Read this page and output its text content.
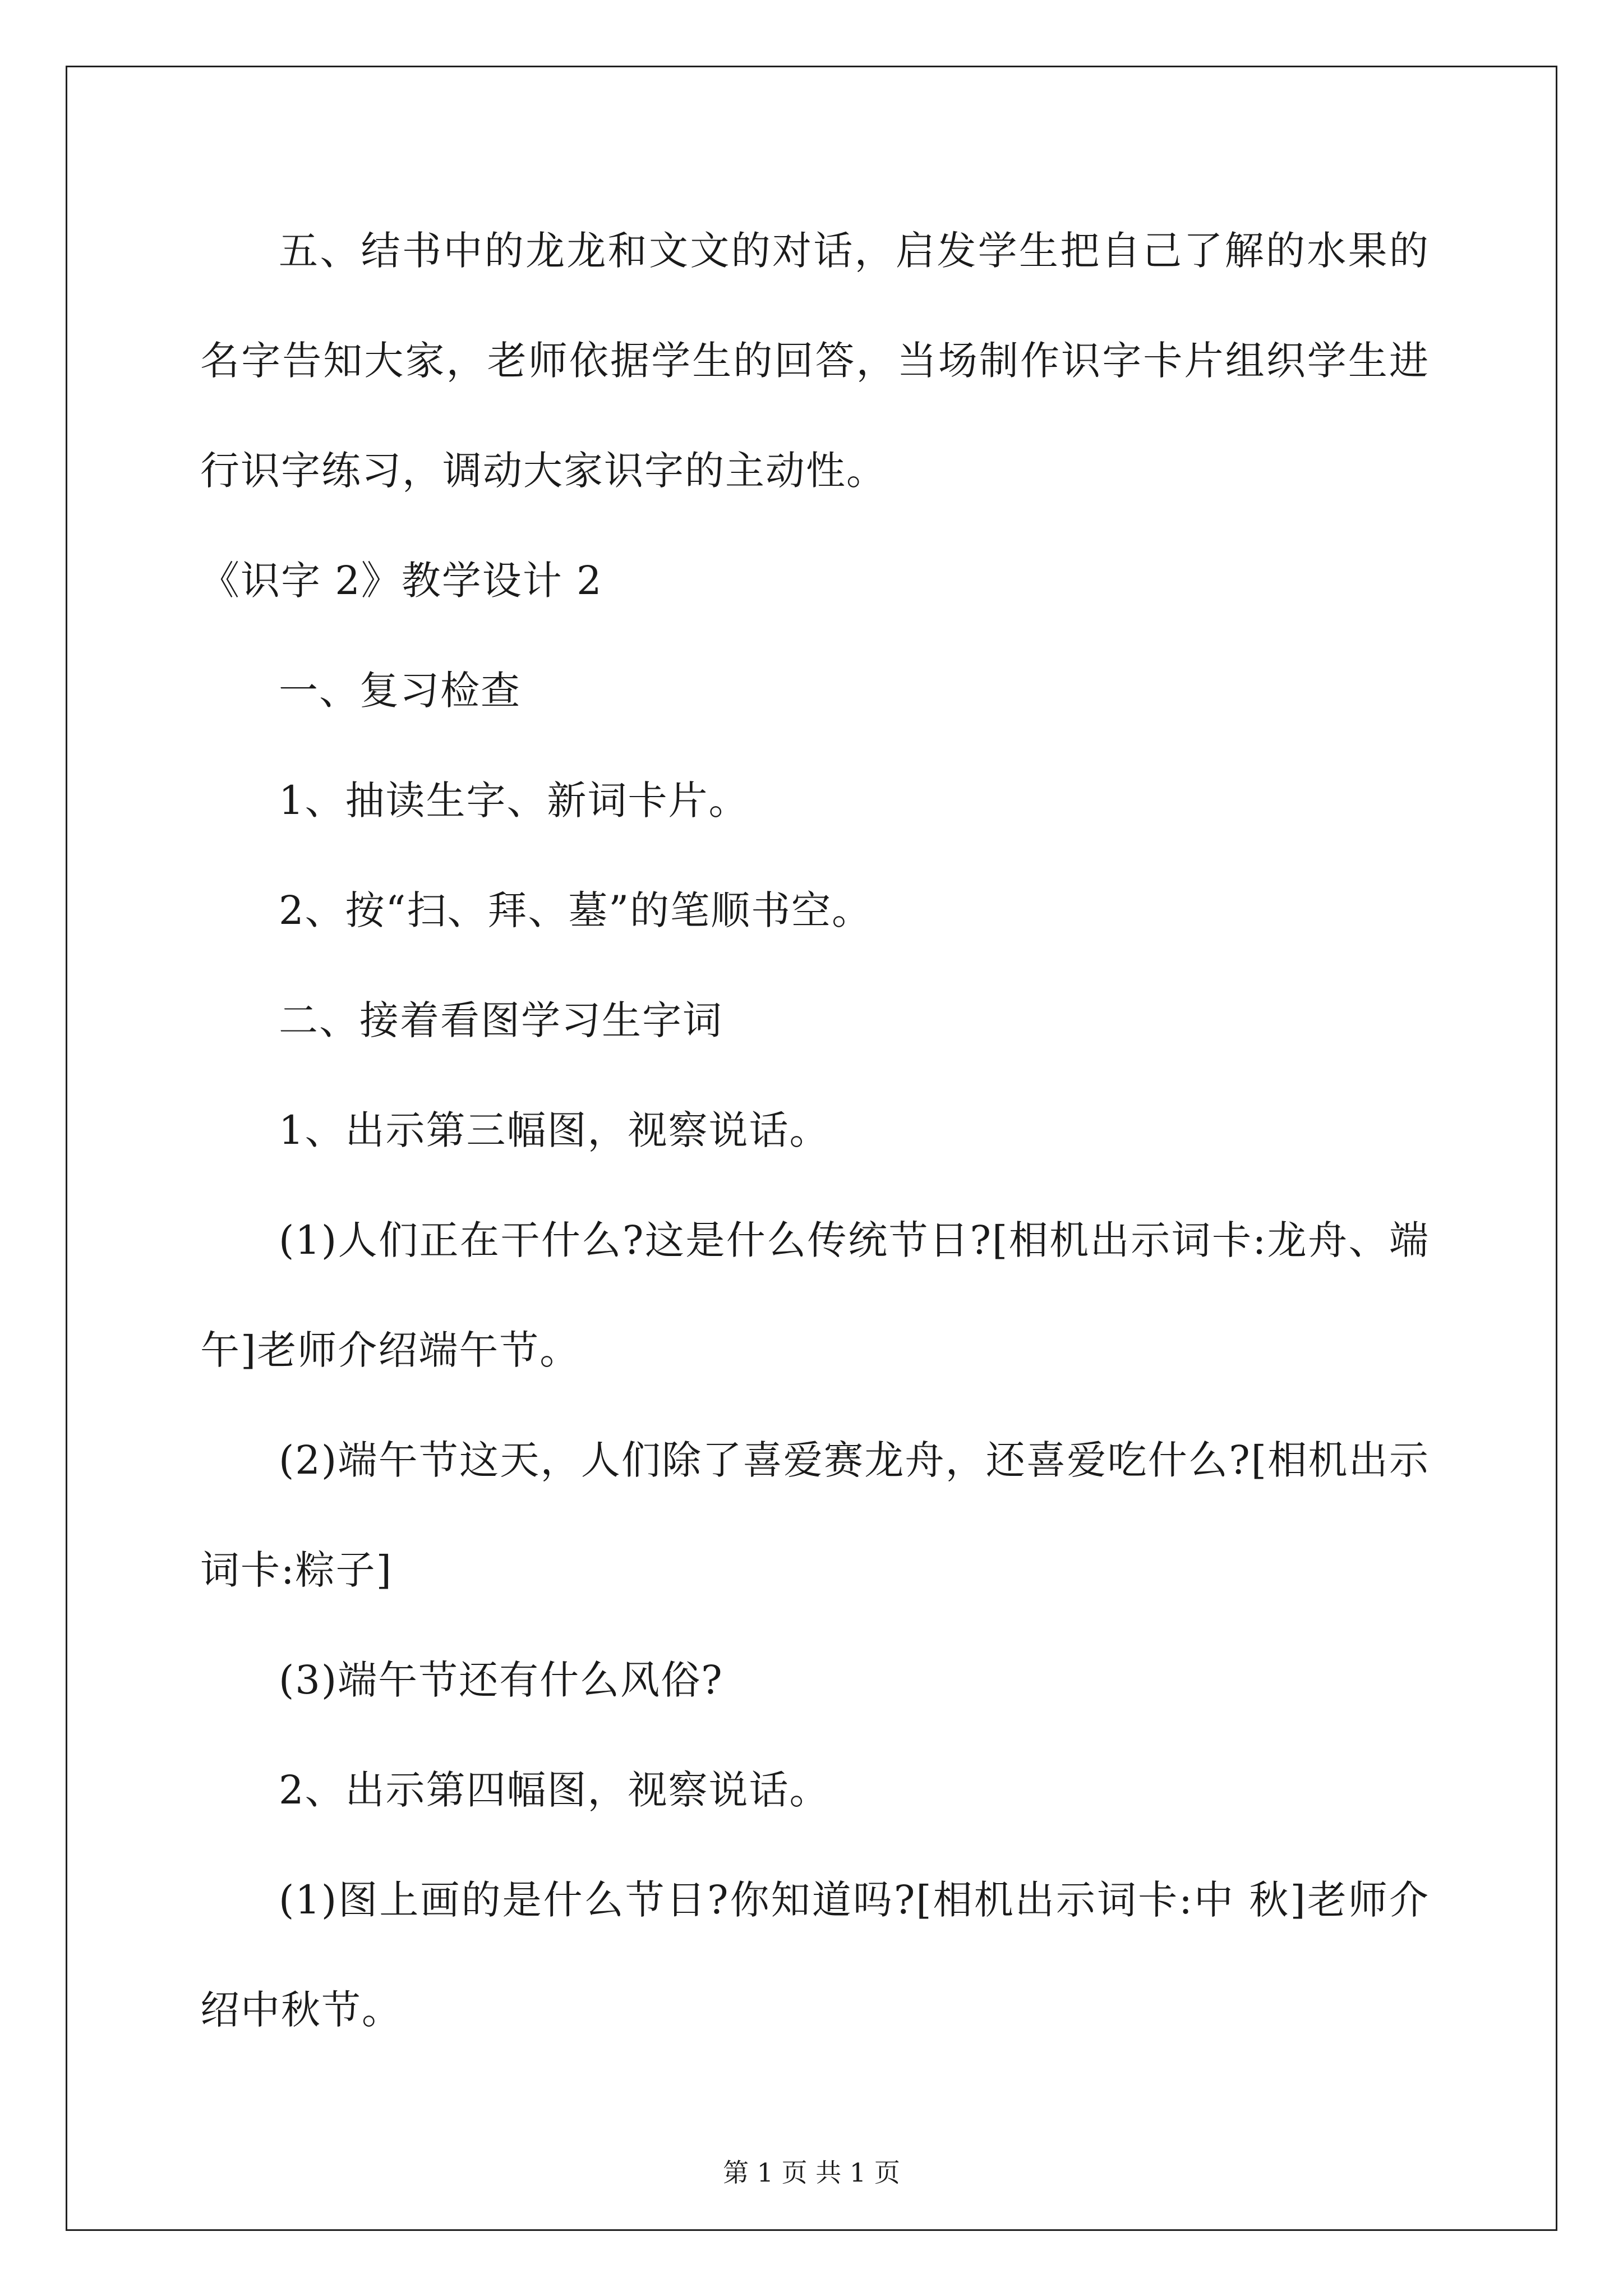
五、结书中的龙龙和文文的对话，启发学生把自己了解的水果的
名字告知大家，老师依据学生的回答，当场制作识字卡片组织学生进
行识字练习，调动大家识字的主动性。
《识字 2》教学设计 2
一、复习检查
1、抽读生字、新词卡片。
2、按“扫、拜、墓”的笔顺书空。
二、接着看图学习生字词
1、出示第三幅图，视察说话。
(1)人们正在干什么?这是什么传统节日?[相机出示词卡:龙舟、端
午]老师介绍端午节。
(2)端午节这天，人们除了喜爱赛龙舟，还喜爱吃什么?[相机出示
词卡:粽子]
(3)端午节还有什么风俗?
2、出示第四幅图，视察说话。
(1)图上画的是什么节日?你知道吗?[相机出示词卡:中 秋]老师介
绍中秋节。
第 1 页 共 1 页
